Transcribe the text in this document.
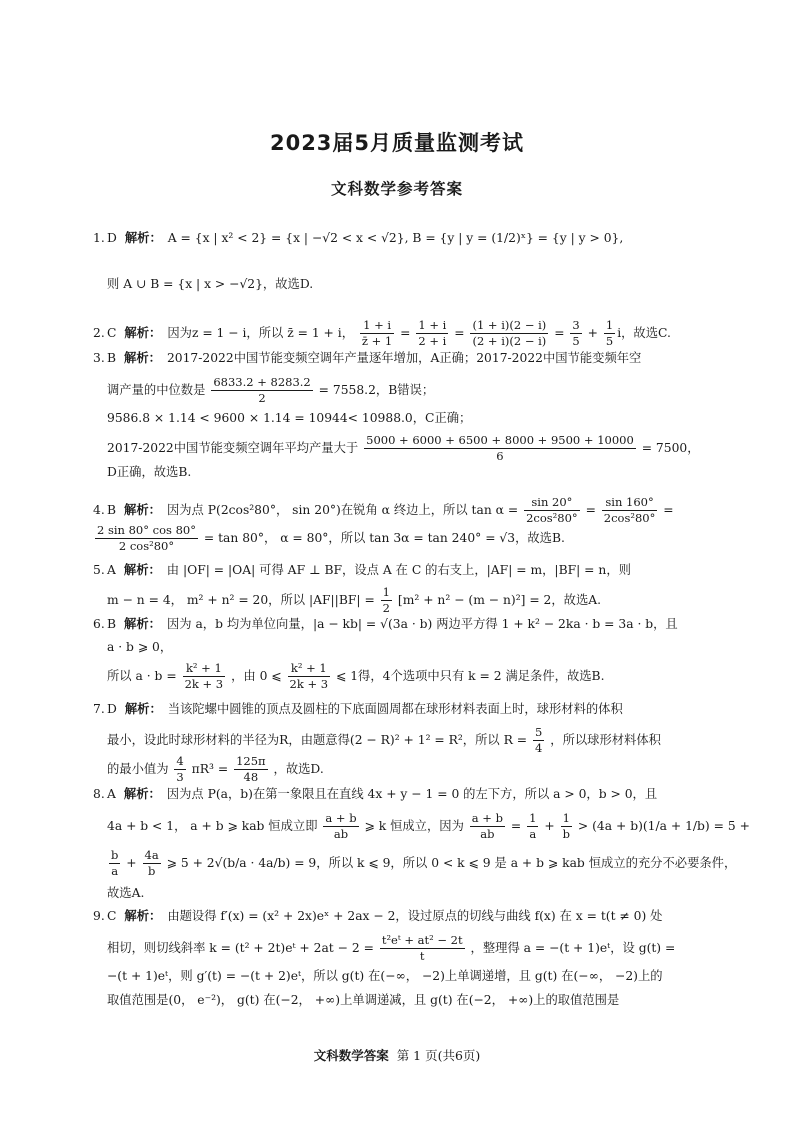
2023届5月质量监测考试
文科数学参考答案
1. D 解析： A = {x | x² < 2} = {x | −√2 < x < √2}, B = {y | y = (1/2)ˣ} = {y | y > 0},
则 A ∪ B = {x | x > −√2}，故选D.
2. C 解析： 因为z = 1 − i，所以 z̄ = 1 + i， $\frac{1 + i}{z̄ + 1} = \frac{1 + i}{2 + i} = \frac{(1 + i)(2 - i)}{(2 + i)(2 - i)} = \frac{3}{5} + \frac{1}{5}$ i，故选C.
3. B 解析： 2017-2022中国节能变频空调年产量逐年增加，A正确；2017-2022中国节能变频年空
调产量的中位数是 $\frac{6833.2 + 8283.2}{2} = 7558.2$，B错误；
9586.8 × 1.14 < 9600 × 1.14 = 10944< 10988.0，C正确；
2017-2022中国节能变频空调年平均产量大于 $\frac{5000 + 6000 + 6500 + 8000 + 9500 + 10000}{6} = 7500$，
D正确，故选B.
4. B 解析： 因为点 P(2cos²80°， sin 20°)在锐角 α 终边上，所以 $\tan \alpha = \frac{\sin 20^\circ}{\text{2cos²80°}} = \frac{\sin 160^\circ}{\text{2cos²80°}}$ =
$\frac{2 \sin 80^\circ \cos 80^\circ}{\text{2 cos²80°}} = \tan 80^\circ$， α = 80°，所以 tan 3α = tan 240° = √3，故选B.
5. A 解析： 由 |OF| = |OA| 可得 AF ⊥ BF，设点 A 在 C 的右支上，|AF| = m，|BF| = n，则
m − n = 4， m² + n² = 20，所以 $|AF||BF| = \frac{1}{2} [m^2 + n^2 - (m - n)^2] = 2$，故选A.
6. B 解析： 因为 a，b 均为单位向量，|a − kb| = √(3a · b) 两边平方得 1 + k² − 2ka · b = 3a · b，且
a · b ⩾ 0，
所以 $a \cdot b = \frac{\text{k² + 1}}{2k + 3}$ ，由 0 ⩽ $\frac{\text{k² + 1}}{2k + 3}$ ⩽ 1得，4个选项中只有 k = 2 满足条件，故选B.
7. D 解析： 当该陀螺中圆锥的顶点及圆柱的下底面圆周都在球形材料表面上时，球形材料的体积
最小，设此时球形材料的半径为R，由题意得(2 − R)² + 1² = R²，所以 $R = \frac{5}{4}$ ，所以球形材料体积
的最小值为 $\frac{4}{3} \pi R^3 = \frac{125\pi}{48}$ ，故选D.
8. A 解析： 因为点 P(a，b)在第一象限且在直线 4x + y − 1 = 0 的左下方，所以 a > 0，b > 0，且
4a + b < 1， a + b ⩾ kab 恒成立即 $\frac{a + b}{ab}$ ⩾ k 恒成立，因为 $\frac{a + b}{ab} = \frac{1}{a} + \frac{1}{b} > (4a + b)(1/a + 1/b) = 5$ +
$\frac{b}{a} + \frac{4a}{b}$ ⩾ 5 + 2√(b/a · 4a/b) = 9，所以 k ⩽ 9，所以 0 < k ⩽ 9 是 a + b ⩾ kab 恒成立的充分不必要条件，
故选A.
9. C 解析： 由题设得 f′(x) = (x² + 2x)eˣ + 2ax − 2，设过原点的切线与曲线 f(x) 在 x = t(t ≠ 0) 处
相切，则切线斜率 k = (t² + 2t)eᵗ + $2at - 2 = \frac{\text{t²eᵗ + at² − 2t}}{t}$ ，整理得 a = −(t + 1)eᵗ，设 g(t) =
−(t + 1)eᵗ，则 g′(t) = −(t + 2)eᵗ，所以 g(t) 在(−∞， −2)上单调递增，且 g(t) 在(−∞， −2)上的
取值范围是(0， e⁻²)， g(t) 在(−2， +∞)上单调递减，且 g(t) 在(−2， +∞)上的取值范围是
文科数学答案 第 1 页(共6页)
